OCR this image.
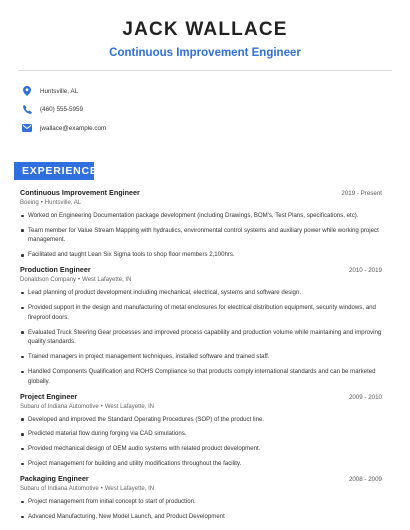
JACK WALLACE
Continuous Improvement Engineer
Huntsville, AL
(460) 555-5959
jwallace@example.com
EXPERIENCE
Continuous Improvement Engineer	2019 - Present
Boeing • Huntsville, AL
Worked on Engineering Documentation package development (including Drawings, BOM's, Test Plans, specifications, etc).
Team member for Value Stream Mapping with hydraulics, environmental control systems and auxiliary power while working project management.
Facilitated and taught Lean Six Sigma tools to shop floor members 2,100hrs.
Production Engineer	2010 - 2019
Donaldson Company • West Lafayette, IN
Lead planning of product development including mechanical, electrical, systems and software design.
Provided support in the design and manufacturing of metal enclosures for electrical distribution equipment, security windows, and fireproof doors.
Evaluated Truck Steering Gear processes and improved process capability and production volume while maintaining and improving quality standards.
Trained managers in project management techniques, installed software and trained staff.
Handled Components Qualification and ROHS Compliance so that products comply international standards and can be marketed globally.
Project Engineer	2009 - 2010
Subaru of Indiana Automotive • West Lafayette, IN
Developed and improved the Standard Operating Procedures (SOP) of the product line.
Predicted material flow during forging via CAD simulations.
Provided mechanical design of OEM audio systems with related product development.
Project management for building and utility modifications throughout the facility.
Packaging Engineer	2008 - 2009
Subaru of Indiana Automotive • West Lafayette, IN
Project management from initial concept to start of production.
Advanced Manufacturing, New Model Launch, and Product Development
